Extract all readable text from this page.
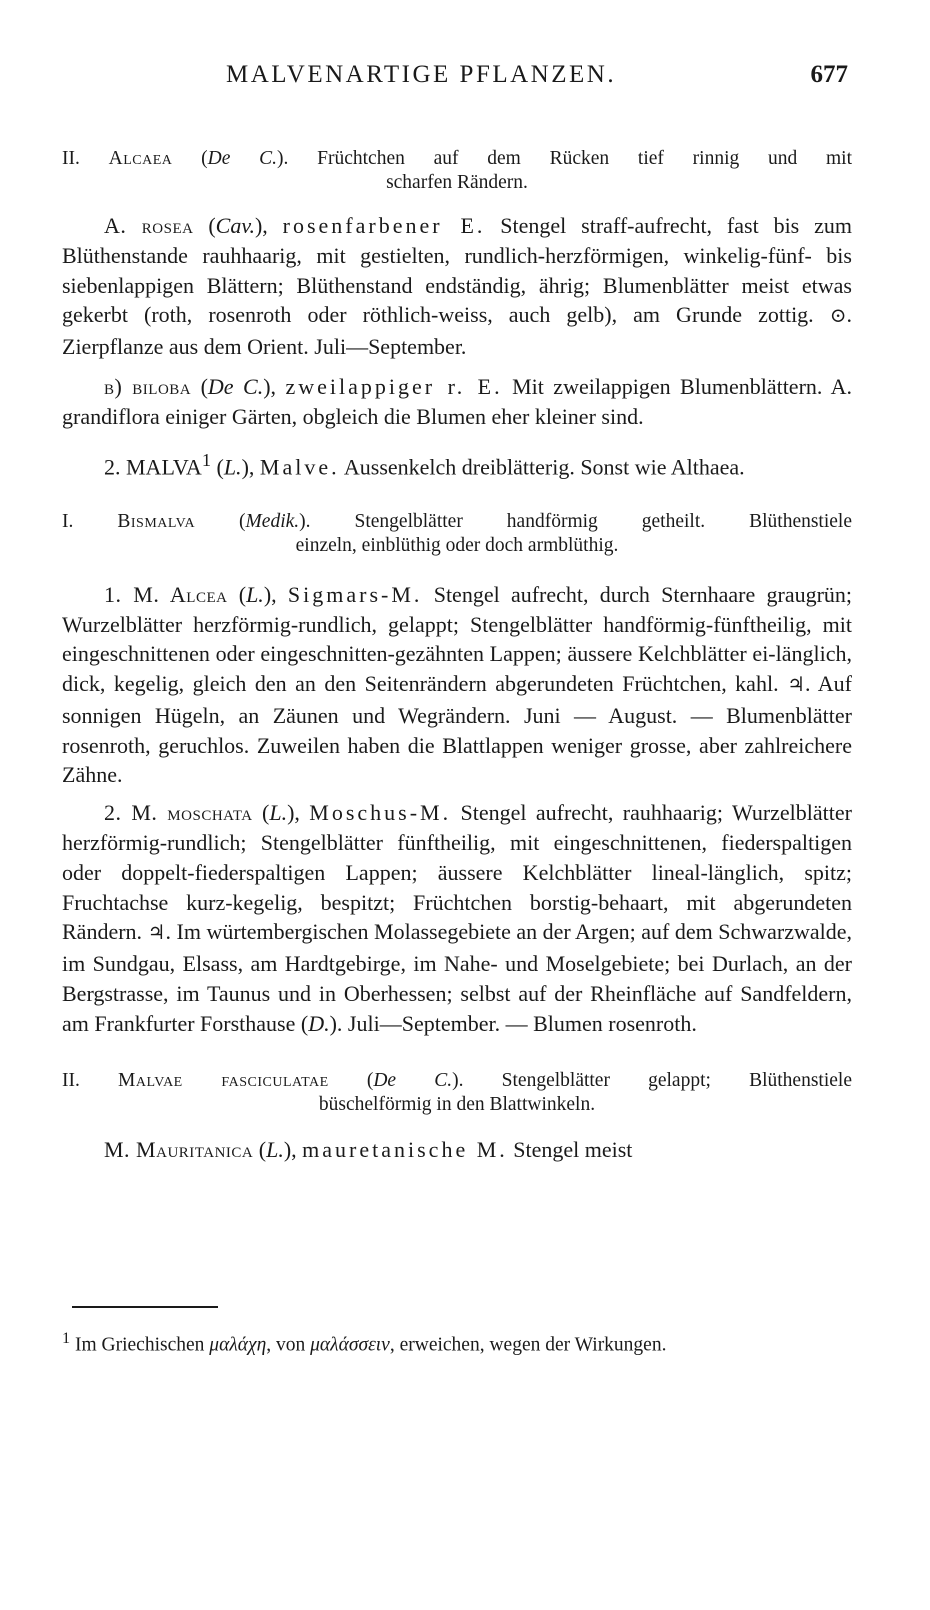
MALVENARTIGE PFLANZEN.	677
II. Alcaea (De C.). Früchtchen auf dem Rücken tief rinnig und mit
scharfen Rändern.

A. rosea (Cav.), rosenfarbener E. Stengel straff-aufrecht, fast bis zum Blüthenstande rauhhaarig, mit gestielten, rundlich-herzförmigen, winkelig-fünf- bis siebenlappigen Blättern; Blüthenstand endständig, ährig; Blumenblätter meist etwas gekerbt (roth, rosenroth oder röthlich-weiss, auch gelb), am Grunde zottig. ⊙. Zierpflanze aus dem Orient. Juli—September.

b) biloba (De C.), zweilappiger r. E. Mit zweilappigen Blumenblättern. A. grandiflora einiger Gärten, obgleich die Blumen eher kleiner sind.

2. MALVA$^1$ (L.), Malve. Aussenkelch dreiblätterig. Sonst wie Althaea.

I. Bismalva (Medik.). Stengelblätter handförmig getheilt. Blüthenstiele
einzeln, einblüthig oder doch armblüthig.

1. M. Alcea (L.), Sigmars-M. Stengel aufrecht, durch Sternhaare graugrün; Wurzelblätter herzförmig-rundlich, gelappt; Stengelblätter handförmig-fünftheilig, mit eingeschnittenen oder eingeschnitten-gezähnten Lappen; äussere Kelchblätter ei-länglich, dick, kegelig, gleich den an den Seitenrändern abgerundeten Früchtchen, kahl. ♃. Auf sonnigen Hügeln, an Zäunen und Wegrändern. Juni — August. — Blumenblätter rosenroth, geruchlos. Zuweilen haben die Blattlappen weniger grosse, aber zahlreichere Zähne.

2. M. moschata (L.), Moschus-M. Stengel aufrecht, rauhhaarig; Wurzelblätter herzförmig-rundlich; Stengelblätter fünftheilig, mit eingeschnittenen, fiederspaltigen oder doppelt-fiederspaltigen Lappen; äussere Kelchblätter lineal-länglich, spitz; Fruchtachse kurz-kegelig, bespitzt; Früchtchen borstig-behaart, mit abgerundeten Rändern. ♃. Im würtembergischen Molassegebiete an der Argen; auf dem Schwarzwalde, im Sundgau, Elsass, am Hardtgebirge, im Nahe- und Moselgebiete; bei Durlach, an der Bergstrasse, im Taunus und in Oberhessen; selbst auf der Rheinfläche auf Sandfeldern, am Frankfurter Forsthause (D.). Juli—September. — Blumen rosenroth.

II. Malvae fasciculatae (De C.). Stengelblätter gelappt; Blüthenstiele
büschelförmig in den Blattwinkeln.

M. Mauritanica (L.), mauretanische M. Stengel meist

$^1$ Im Griechischen μαλάχη, von μαλάσσειν, erweichen, wegen der Wirkungen.
